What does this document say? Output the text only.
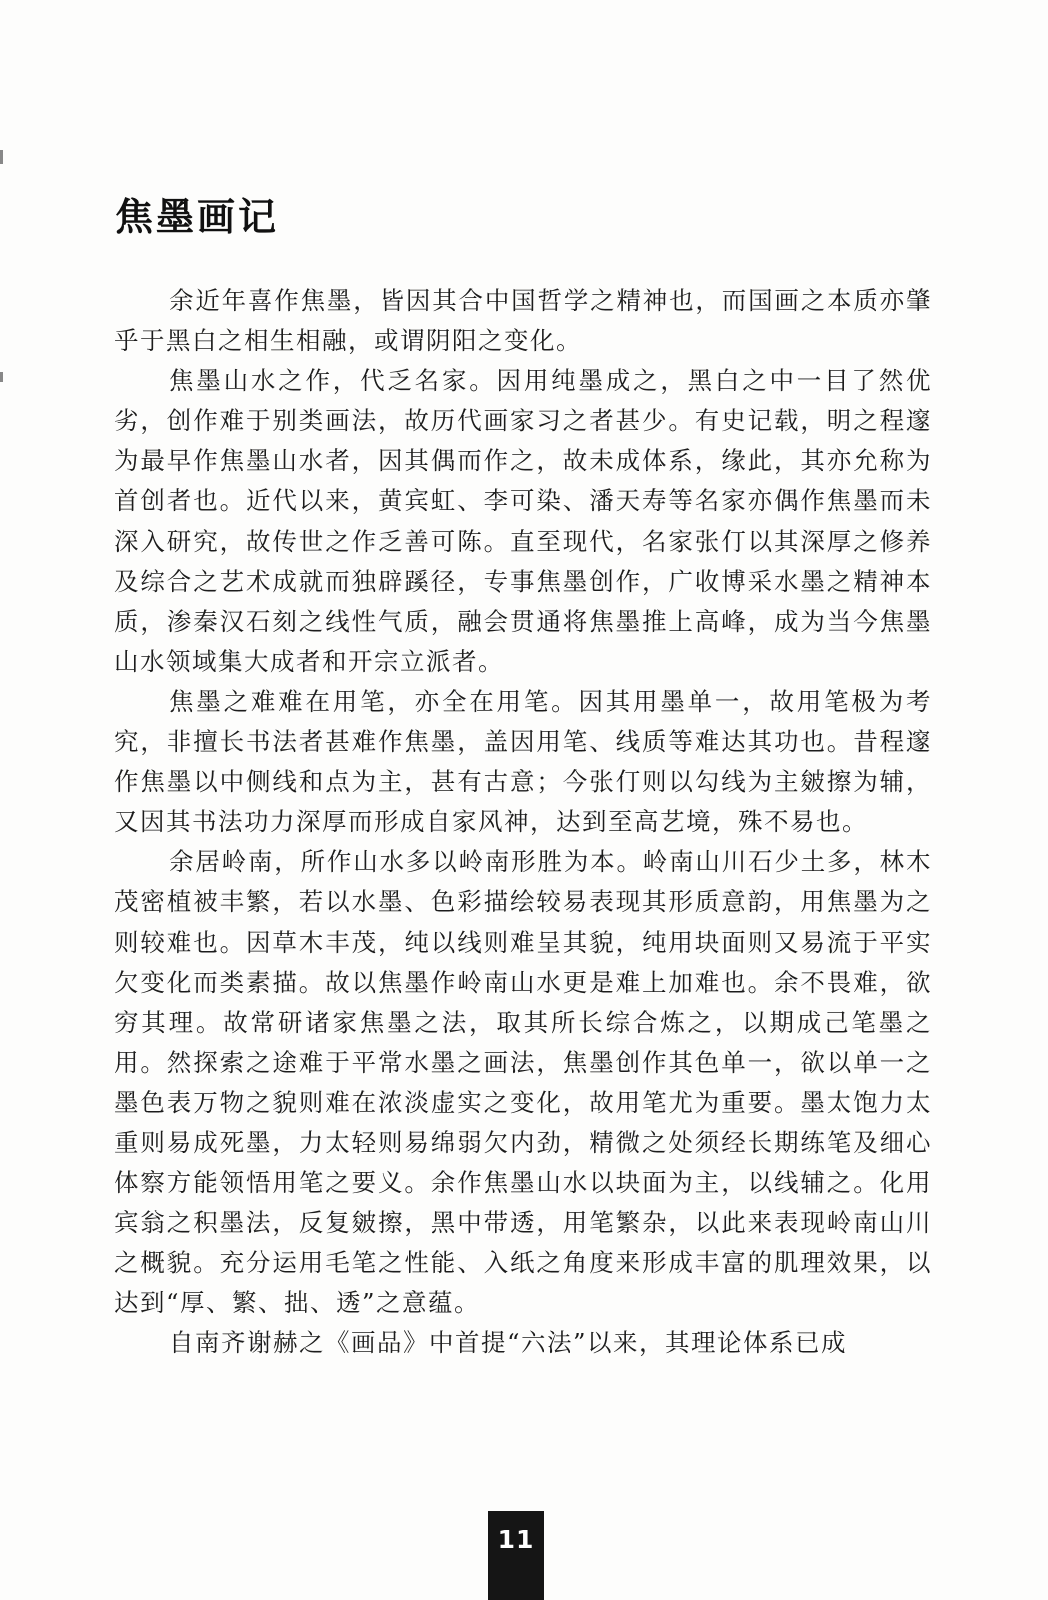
焦墨画记

余近年喜作焦墨，皆因其合中国哲学之精神也，而国画之本质亦肇乎于黑白之相生相融，或谓阴阳之变化。

焦墨山水之作，代乏名家。因用纯墨成之，黑白之中一目了然优劣，创作难于别类画法，故历代画家习之者甚少。有史记载，明之程邃为最早作焦墨山水者，因其偶而作之，故未成体系，缘此，其亦允称为首创者也。近代以来，黄宾虹、李可染、潘天寿等名家亦偶作焦墨而未深入研究，故传世之作乏善可陈。直至现代，名家张仃以其深厚之修养及综合之艺术成就而独辟蹊径，专事焦墨创作，广收博采水墨之精神本质，渗秦汉石刻之线性气质，融会贯通将焦墨推上高峰，成为当今焦墨山水领域集大成者和开宗立派者。

焦墨之难难在用笔，亦全在用笔。因其用墨单一，故用笔极为考究，非擅长书法者甚难作焦墨，盖因用笔、线质等难达其功也。昔程邃作焦墨以中侧线和点为主，甚有古意；今张仃则以勾线为主皴擦为辅，又因其书法功力深厚而形成自家风神，达到至高艺境，殊不易也。

余居岭南，所作山水多以岭南形胜为本。岭南山川石少土多，林木茂密植被丰繁，若以水墨、色彩描绘较易表现其形质意韵，用焦墨为之则较难也。因草木丰茂，纯以线则难呈其貌，纯用块面则又易流于平实欠变化而类素描。故以焦墨作岭南山水更是难上加难也。余不畏难，欲穷其理。故常研诸家焦墨之法，取其所长综合炼之，以期成己笔墨之用。然探索之途难于平常水墨之画法，焦墨创作其色单一，欲以单一之墨色表万物之貌则难在浓淡虚实之变化，故用笔尤为重要。墨太饱力太重则易成死墨，力太轻则易绵弱欠内劲，精微之处须经长期练笔及细心体察方能领悟用笔之要义。余作焦墨山水以块面为主，以线辅之。化用宾翁之积墨法，反复皴擦，黑中带透，用笔繁杂，以此来表现岭南山川之概貌。充分运用毛笔之性能、入纸之角度来形成丰富的肌理效果，以达到“厚、繁、拙、透”之意蕴。

自南齐谢赫之《画品》中首提“六法”以来，其理论体系已成

11
